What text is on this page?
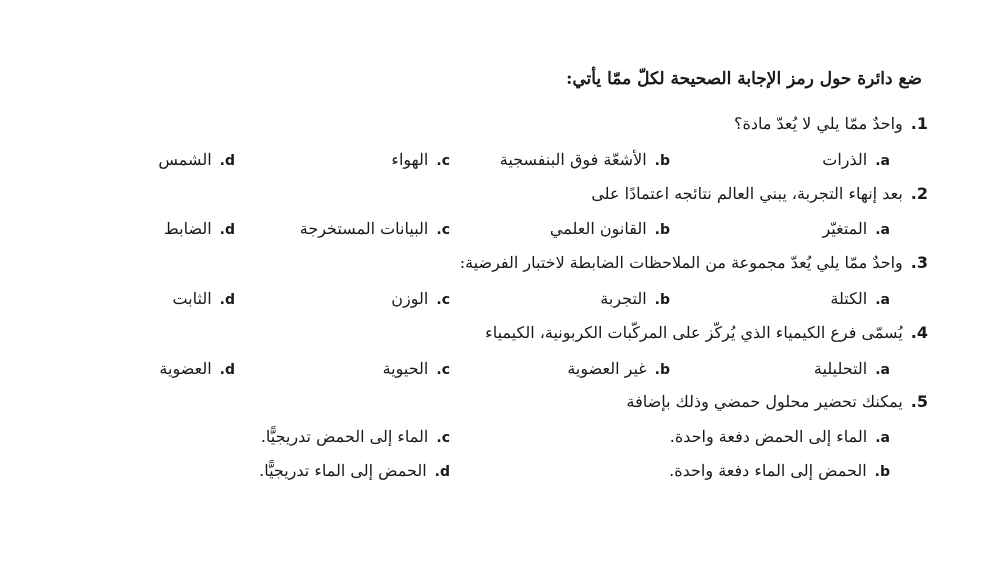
ضع دائرة حول رمز الإجابة الصحيحة لكلّ ممّا يأتي:
1.واحدٌ ممّا يلي لا يُعدّ مادة؟
a.الذرات
b.الأشعّة فوق البنفسجية
c.الهواء
d.الشمس
2.بعد إنهاء التجربة، يبني العالم نتائجه اعتمادًا على
a.المتغيّر
b.القانون العلمي
c.البيانات المستخرجة
d.الضابط
3.واحدٌ ممّا يلي يُعدّ مجموعة من الملاحظات الضابطة لاختبار الفرضية:
a.الكتلة
b.التجربة
c.الوزن
d.الثابت
4.يُسمّى فرع الكيمياء الذي يُركّز على المركّبات الكربونية، الكيمياء
a.التحليلية
b.غير العضوية
c.الحيوية
d.العضوية
5.يمكنك تحضير محلول حمضي وذلك بإضافة
a.الماء إلى الحمض دفعة واحدة.
c.الماء إلى الحمض تدريجيًّا.
b.الحمض إلى الماء دفعة واحدة.
d.الحمض إلى الماء تدريجيًّا.
